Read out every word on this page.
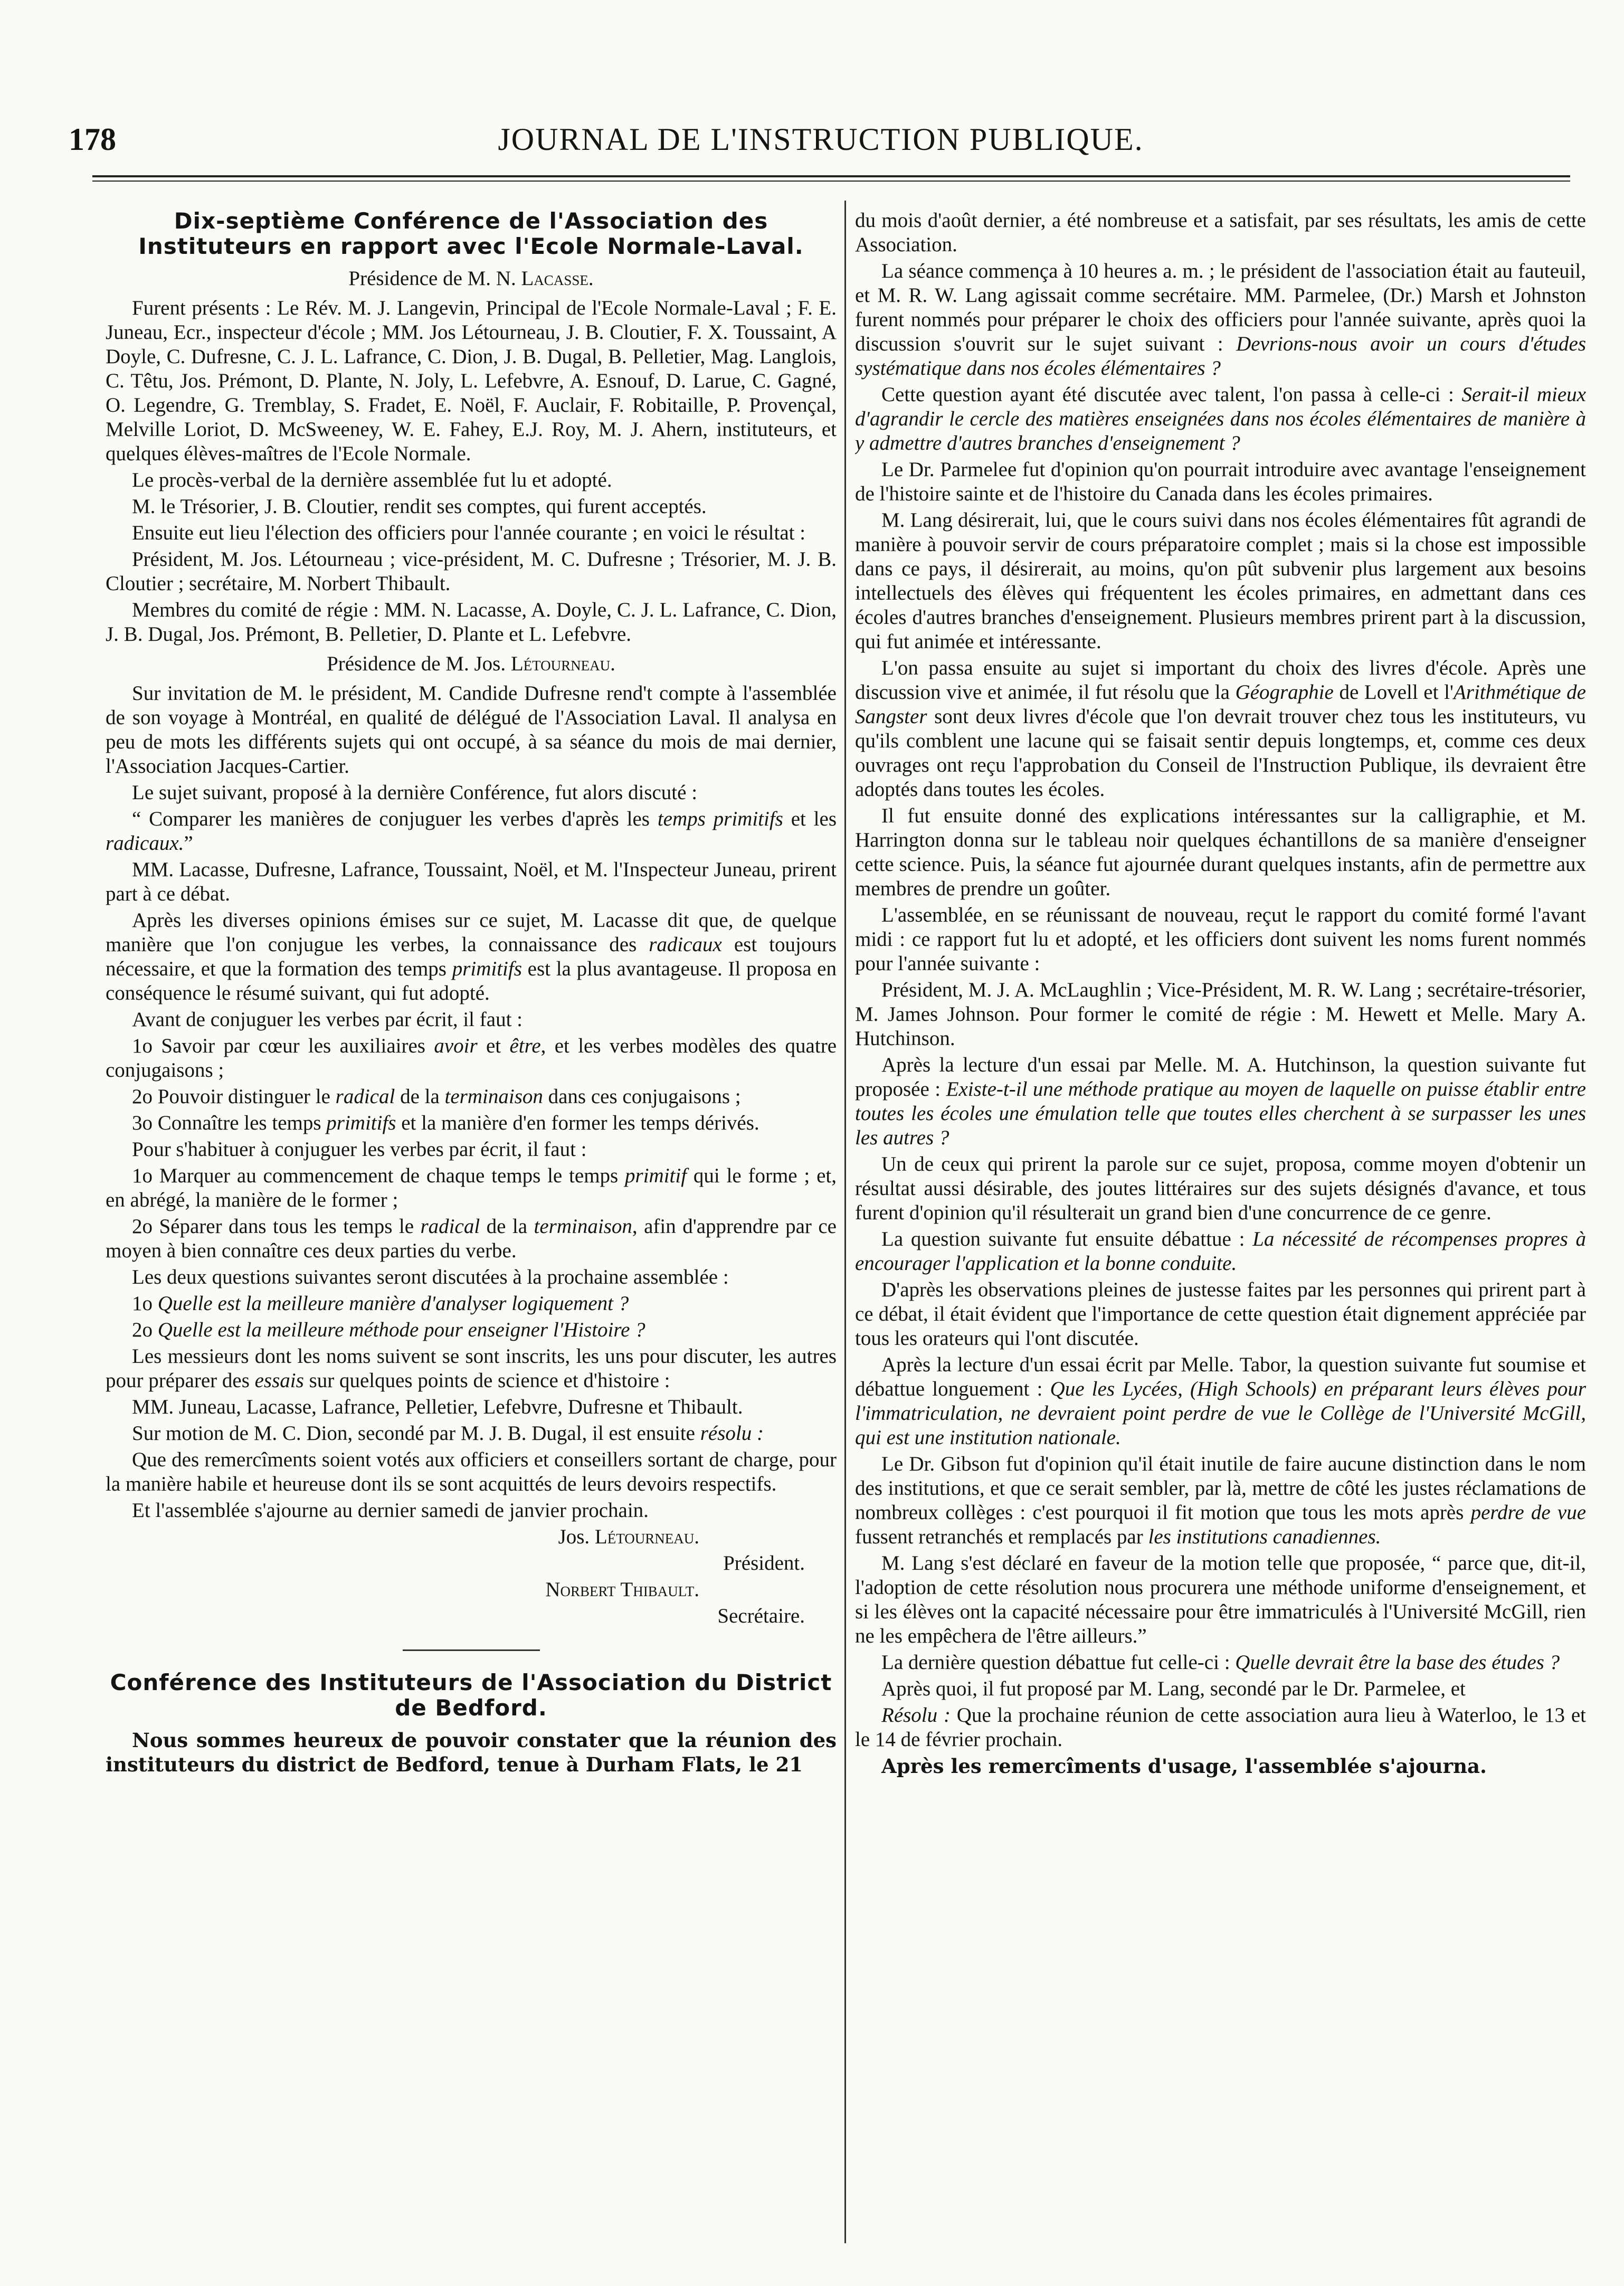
178	JOURNAL DE L'INSTRUCTION PUBLIQUE.
Dix-septième Conférence de l'Association des Instituteurs en rapport avec l'Ecole Normale-Laval.
Présidence de M. N. Lacasse.

Furent présents : Le Rév. M. J. Langevin, Principal de l'Ecole Normale-Laval ; F. E. Juneau, Ecr., inspecteur d'école ; MM. Jos Létourneau, J. B. Cloutier, F. X. Toussaint, A Doyle, C. Dufresne, C. J. L. Lafrance, C. Dion, J. B. Dugal, B. Pelletier, Mag. Langlois, C. Têtu, Jos. Prémont, D. Plante, N. Joly, L. Lefebvre, A. Esnouf, D. Larue, C. Gagné, O. Legendre, G. Tremblay, S. Fradet, E. Noël, F. Auclair, F. Robitaille, P. Provençal, Melville Loriot, D. McSweeney, W. E. Fahey, E.J. Roy, M. J. Ahern, instituteurs, et quelques élèves-maîtres de l'Ecole Normale.

Le procès-verbal de la dernière assemblée fut lu et adopté.

M. le Trésorier, J. B. Cloutier, rendit ses comptes, qui furent acceptés.

Ensuite eut lieu l'élection des officiers pour l'année courante ; en voici le résultat :

Président, M. Jos. Létourneau ; vice-président, M. C. Dufresne ; Trésorier, M. J. B. Cloutier ; secrétaire, M. Norbert Thibault.

Membres du comité de régie : MM. N. Lacasse, A. Doyle, C. J. L. Lafrance, C. Dion, J. B. Dugal, Jos. Prémont, B. Pelletier, D. Plante et L. Lefebvre.

Présidence de M. Jos. Létourneau.

Sur invitation de M. le président, M. Candide Dufresne rend't compte à l'assemblée de son voyage à Montréal, en qualité de délégué de l'Association Laval. Il analysa en peu de mots les différents sujets qui ont occupé, à sa séance du mois de mai dernier, l'Association Jacques-Cartier.

Le sujet suivant, proposé à la dernière Conférence, fut alors discuté :

“ Comparer les manières de conjuguer les verbes d'après les temps primitifs et les radicaux.”

MM. Lacasse, Dufresne, Lafrance, Toussaint, Noël, et M. l'Inspecteur Juneau, prirent part à ce débat.

Après les diverses opinions émises sur ce sujet, M. Lacasse dit que, de quelque manière que l'on conjugue les verbes, la connaissance des radicaux est toujours nécessaire, et que la formation des temps primitifs est la plus avantageuse. Il proposa en conséquence le résumé suivant, qui fut adopté.

Avant de conjuguer les verbes par écrit, il faut :

1o Savoir par cœur les auxiliaires avoir et être, et les verbes modèles des quatre conjugaisons ;

2o Pouvoir distinguer le radical de la terminaison dans ces conjugaisons ;

3o Connaître les temps primitifs et la manière d'en former les temps dérivés.

Pour s'habituer à conjuguer les verbes par écrit, il faut :

1o Marquer au commencement de chaque temps le temps primitif qui le forme ; et, en abrégé, la manière de le former ;

2o Séparer dans tous les temps le radical de la terminaison, afin d'apprendre par ce moyen à bien connaître ces deux parties du verbe.

Les deux questions suivantes seront discutées à la prochaine assemblée :

1o Quelle est la meilleure manière d'analyser logiquement ?

2o Quelle est la meilleure méthode pour enseigner l'Histoire ?

Les messieurs dont les noms suivent se sont inscrits, les uns pour discuter, les autres pour préparer des essais sur quelques points de science et d'histoire :

MM. Juneau, Lacasse, Lafrance, Pelletier, Lefebvre, Dufresne et Thibault.

Sur motion de M. C. Dion, secondé par M. J. B. Dugal, il est ensuite résolu :

Que des remercîments soient votés aux officiers et conseillers sortant de charge, pour la manière habile et heureuse dont ils se sont acquittés de leurs devoirs respectifs.

Et l'assemblée s'ajourne au dernier samedi de janvier prochain.

Jos. Létourneau.

Président.

Norbert Thibault.

Secrétaire.

Conférence des Instituteurs de l'Association du District de Bedford.

Nous sommes heureux de pouvoir constater que la réunion des instituteurs du district de Bedford, tenue à Durham Flats, le 21

du mois d'août dernier, a été nombreuse et a satisfait, par ses résultats, les amis de cette Association.

La séance commença à 10 heures a. m. ; le président de l'association était au fauteuil, et M. R. W. Lang agissait comme secrétaire. MM. Parmelee, (Dr.) Marsh et Johnston furent nommés pour préparer le choix des officiers pour l'année suivante, après quoi la discussion s'ouvrit sur le sujet suivant : Devrions-nous avoir un cours d'études systématique dans nos écoles élémentaires ?

Cette question ayant été discutée avec talent, l'on passa à celle-ci : Serait-il mieux d'agrandir le cercle des matières enseignées dans nos écoles élémentaires de manière à y admettre d'autres branches d'enseignement ?

Le Dr. Parmelee fut d'opinion qu'on pourrait introduire avec avantage l'enseignement de l'histoire sainte et de l'histoire du Canada dans les écoles primaires.

M. Lang désirerait, lui, que le cours suivi dans nos écoles élémentaires fût agrandi de manière à pouvoir servir de cours préparatoire complet ; mais si la chose est impossible dans ce pays, il désirerait, au moins, qu'on pût subvenir plus largement aux besoins intellectuels des élèves qui fréquentent les écoles primaires, en admettant dans ces écoles d'autres branches d'enseignement. Plusieurs membres prirent part à la discussion, qui fut animée et intéressante.

L'on passa ensuite au sujet si important du choix des livres d'école. Après une discussion vive et animée, il fut résolu que la Géographie de Lovell et l'Arithmétique de Sangster sont deux livres d'école que l'on devrait trouver chez tous les instituteurs, vu qu'ils comblent une lacune qui se faisait sentir depuis longtemps, et, comme ces deux ouvrages ont reçu l'approbation du Conseil de l'Instruction Publique, ils devraient être adoptés dans toutes les écoles.

Il fut ensuite donné des explications intéressantes sur la calligraphie, et M. Harrington donna sur le tableau noir quelques échantillons de sa manière d'enseigner cette science. Puis, la séance fut ajournée durant quelques instants, afin de permettre aux membres de prendre un goûter.

L'assemblée, en se réunissant de nouveau, reçut le rapport du comité formé l'avant midi : ce rapport fut lu et adopté, et les officiers dont suivent les noms furent nommés pour l'année suivante :

Président, M. J. A. McLaughlin ; Vice-Président, M. R. W. Lang ; secrétaire-trésorier, M. James Johnson. Pour former le comité de régie : M. Hewett et Melle. Mary A. Hutchinson.

Après la lecture d'un essai par Melle. M. A. Hutchinson, la question suivante fut proposée : Existe-t-il une méthode pratique au moyen de laquelle on puisse établir entre toutes les écoles une émulation telle que toutes elles cherchent à se surpasser les unes les autres ?

Un de ceux qui prirent la parole sur ce sujet, proposa, comme moyen d'obtenir un résultat aussi désirable, des joutes littéraires sur des sujets désignés d'avance, et tous furent d'opinion qu'il résulterait un grand bien d'une concurrence de ce genre.

La question suivante fut ensuite débattue : La nécessité de récompenses propres à encourager l'application et la bonne conduite.

D'après les observations pleines de justesse faites par les personnes qui prirent part à ce débat, il était évident que l'importance de cette question était dignement appréciée par tous les orateurs qui l'ont discutée.

Après la lecture d'un essai écrit par Melle. Tabor, la question suivante fut soumise et débattue longuement : Que les Lycées, (High Schools) en préparant leurs élèves pour l'immatriculation, ne devraient point perdre de vue le Collège de l'Université McGill, qui est une institution nationale.

Le Dr. Gibson fut d'opinion qu'il était inutile de faire aucune distinction dans le nom des institutions, et que ce serait sembler, par là, mettre de côté les justes réclamations de nombreux collèges : c'est pourquoi il fit motion que tous les mots après perdre de vue fussent retranchés et remplacés par les institutions canadiennes.

M. Lang s'est déclaré en faveur de la motion telle que proposée, “ parce que, dit-il, l'adoption de cette résolution nous procurera une méthode uniforme d'enseignement, et si les élèves ont la capacité nécessaire pour être immatriculés à l'Université McGill, rien ne les empêchera de l'être ailleurs.”

La dernière question débattue fut celle-ci : Quelle devrait être la base des études ?

Après quoi, il fut proposé par M. Lang, secondé par le Dr. Parmelee, et

Résolu : Que la prochaine réunion de cette association aura lieu à Waterloo, le 13 et le 14 de février prochain.

Après les remercîments d'usage, l'assemblée s'ajourna.
